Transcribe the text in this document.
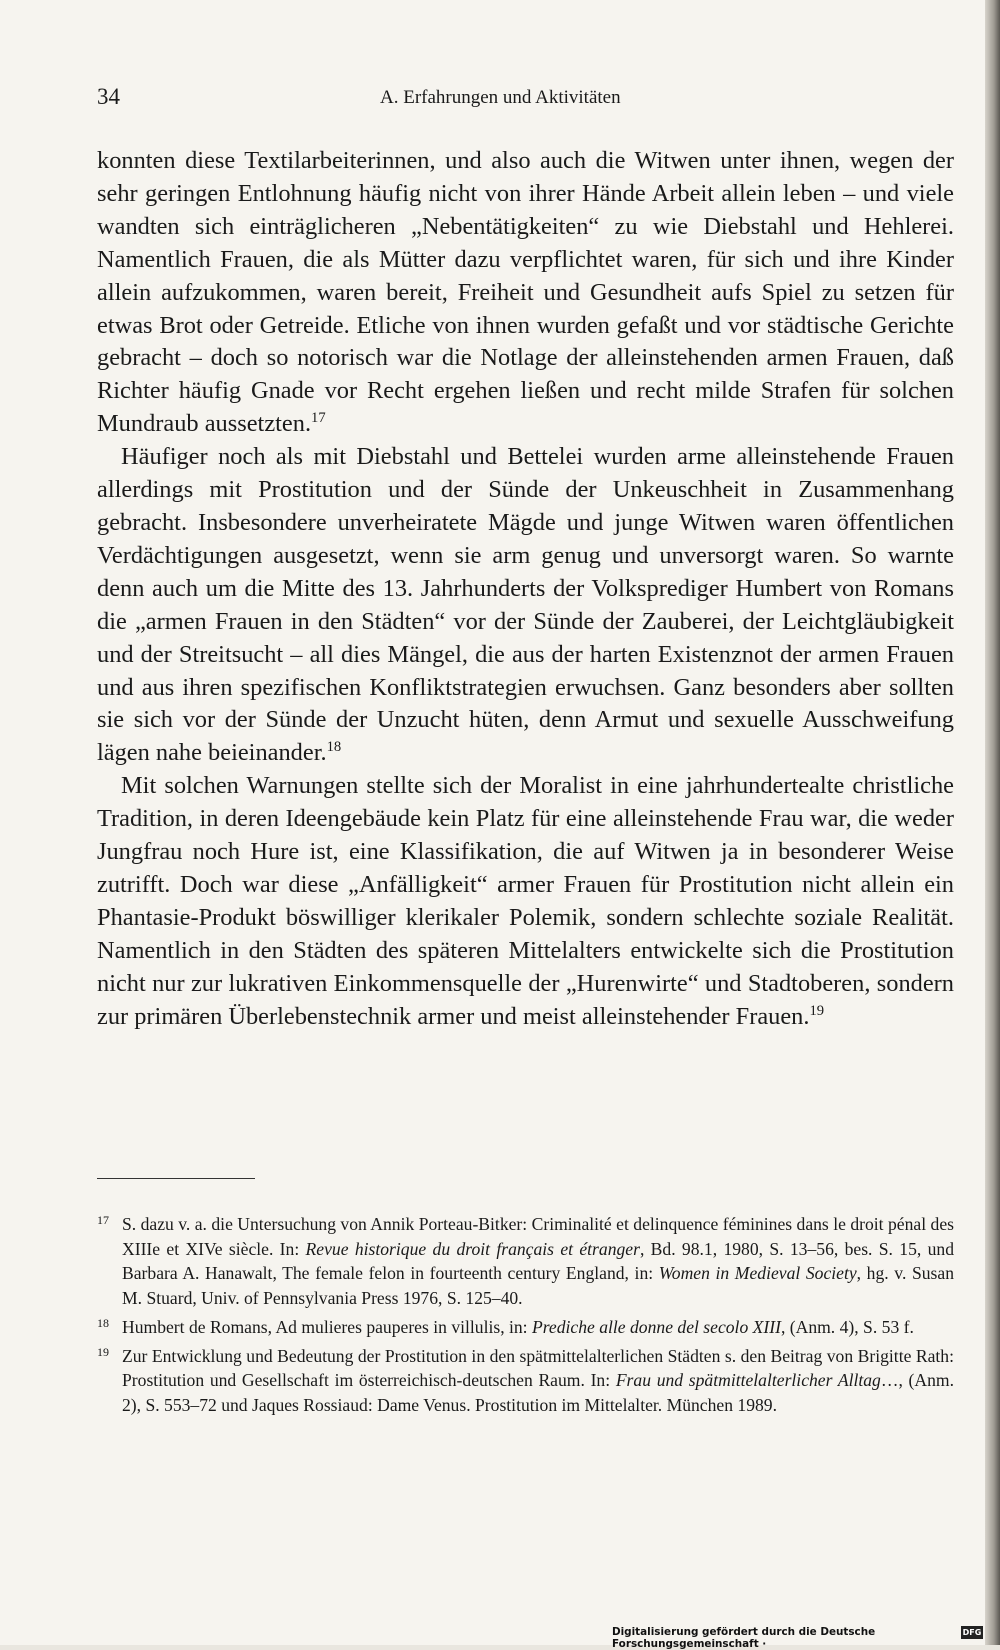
34	A. Erfahrungen und Aktivitäten

konnten diese Textilarbeiterinnen, und also auch die Witwen unter ihnen, wegen der sehr geringen Entlohnung häufig nicht von ihrer Hände Arbeit allein leben – und viele wandten sich einträglicheren „Nebentätigkeiten“ zu wie Diebstahl und Hehlerei. Namentlich Frauen, die als Mütter dazu verpflichtet waren, für sich und ihre Kinder allein aufzukommen, waren bereit, Freiheit und Gesundheit aufs Spiel zu setzen für etwas Brot oder Getreide. Etliche von ihnen wurden gefaßt und vor städtische Gerichte gebracht – doch so notorisch war die Notlage der alleinstehenden armen Frauen, daß Richter häufig Gnade vor Recht ergehen ließen und recht milde Strafen für solchen Mundraub aussetzten.$^{17}$

Häufiger noch als mit Diebstahl und Bettelei wurden arme alleinstehende Frauen allerdings mit Prostitution und der Sünde der Unkeuschheit in Zusammenhang gebracht. Insbesondere unverheiratete Mägde und junge Witwen waren öffentlichen Verdächtigungen ausgesetzt, wenn sie arm genug und unversorgt waren. So warnte denn auch um die Mitte des 13. Jahrhunderts der Volksprediger Humbert von Romans die „armen Frauen in den Städten“ vor der Sünde der Zauberei, der Leichtgläubigkeit und der Streitsucht – all dies Mängel, die aus der harten Existenznot der armen Frauen und aus ihren spezifischen Konfliktstrategien erwuchsen. Ganz besonders aber sollten sie sich vor der Sünde der Unzucht hüten, denn Armut und sexuelle Ausschweifung lägen nahe beieinander.$^{18}$

Mit solchen Warnungen stellte sich der Moralist in eine jahrhundertealte christliche Tradition, in deren Ideengebäude kein Platz für eine alleinstehende Frau war, die weder Jungfrau noch Hure ist, eine Klassifikation, die auf Witwen ja in besonderer Weise zutrifft. Doch war diese „Anfälligkeit“ armer Frauen für Prostitution nicht allein ein Phantasie-Produkt böswilliger klerikaler Polemik, sondern schlechte soziale Realität. Namentlich in den Städten des späteren Mittelalters entwickelte sich die Prostitution nicht nur zur lukrativen Einkommensquelle der „Hurenwirte“ und Stadtoberen, sondern zur primären Überlebenstechnik armer und meist alleinstehender Frauen.$^{19}$

17 S. dazu v. a. die Untersuchung von Annik Porteau-Bitker: Criminalité et delinquence féminines dans le droit pénal des XIIIe et XIVe siècle. In: Revue historique du droit français et étranger, Bd. 98.1, 1980, S. 13–56, bes. S. 15, und Barbara A. Hanawalt, The female felon in fourteenth century England, in: Women in Medieval Society, hg. v. Susan M. Stuard, Univ. of Pennsylvania Press 1976, S. 125–40.
18 Humbert de Romans, Ad mulieres pauperes in villulis, in: Prediche alle donne del secolo XIII, (Anm. 4), S. 53 f.
19 Zur Entwicklung und Bedeutung der Prostitution in den spätmittelalterlichen Städten s. den Beitrag von Brigitte Rath: Prostitution und Gesellschaft im österreichisch-deutschen Raum. In: Frau und spätmittelalterlicher Alltag…, (Anm. 2), S. 553–72 und Jaques Rossiaud: Dame Venus. Prostitution im Mittelalter. München 1989.
Digitalisierung gefördert durch die Deutsche Forschungsgemeinschaft ·
DFG
